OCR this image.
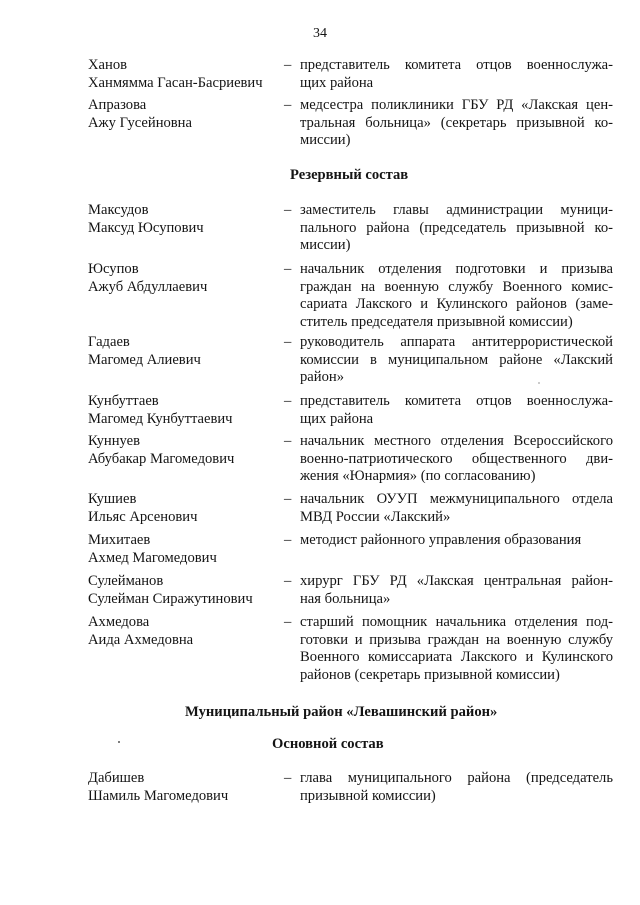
34
Ханов
Ханмямма Гасан-Басриевич
– представитель комитета отцов военнослужа-
щих района
Апразова
Ажу Гусейновна
– медсестра поликлиники ГБУ РД «Лакская цен-
тральная больница» (секретарь призывной ко-
миссии)
Резервный состав
Максудов
Максуд Юсупович
– заместитель главы администрации муници-
пального района (председатель призывной ко-
миссии)
Юсупов
Ажуб Абдуллаевич
– начальник отделения подготовки и призыва
граждан на военную службу Военного комис-
сариата Лакского и Кулинского районов (заме-
ститель председателя призывной комиссии)
Гадаев
Магомед Алиевич
– руководитель аппарата антитеррористической
комиссии в муниципальном районе «Лакский
район»
Кунбуттаев
Магомед Кунбуттаевич
– представитель комитета отцов военнослужа-
щих района
Куннуев
Абубакар Магомедович
– начальник местного отделения Всероссийского
военно-патриотического общественного дви-
жения «Юнармия» (по согласованию)
Кушиев
Ильяс Арсенович
– начальник ОУУП межмуниципального отдела
МВД России «Лакский»
Михитаев
Ахмед Магомедович
– методист районного управления образования
Сулейманов
Сулейман Сиражутинович
– хирург ГБУ РД «Лакская центральная район-
ная больница»
Ахмедова
Аида Ахмедовна
– старший помощник начальника отделения под-
готовки и призыва граждан на военную службу
Военного комиссариата Лакского и Кулинского
районов (секретарь призывной комиссии)
Муниципальный район «Левашинский район»
Основной состав
Дабишев
Шамиль Магомедович
– глава муниципального района (председатель
призывной комиссии)
